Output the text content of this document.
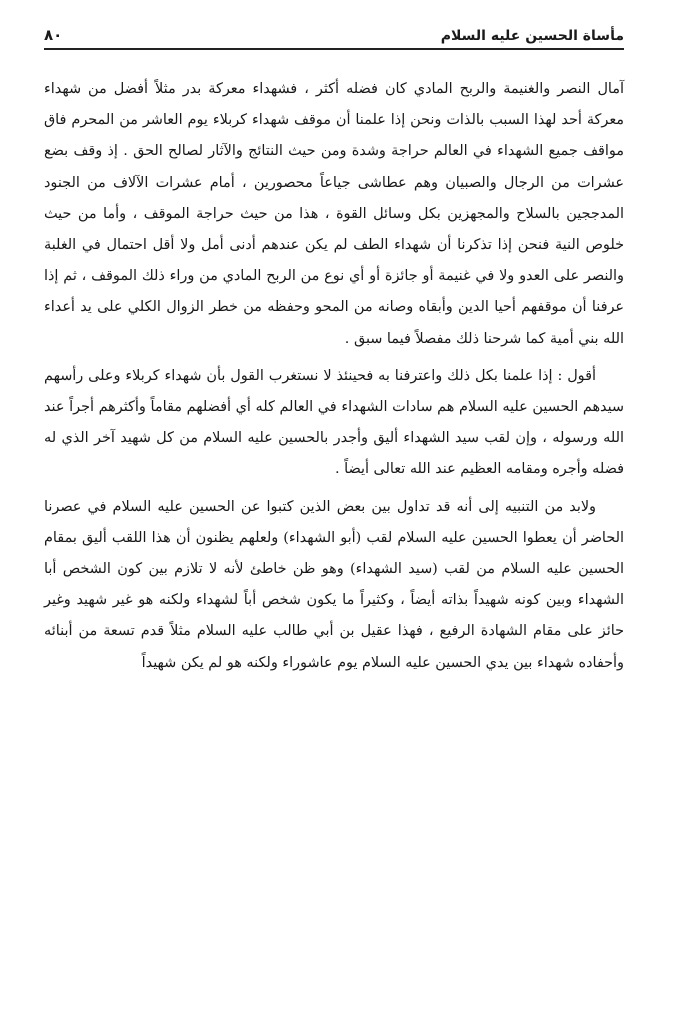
مأساة الحسين عليه السلام
٨٠

آمال النصر والغنيمة والربح المادي كان فضله أكثر ، فشهداء معركة بدر مثلاً أفضل من شهداء معركة أحد لهذا السبب بالذات ونحن إذا علمنا أن موقف شهداء كربلاء يوم العاشر من المحرم فاق مواقف جميع الشهداء في العالم حراجة وشدة ومن حيث النتائج والآثار لصالح الحق . إذ وقف بضع عشرات من الرجال والصبيان وهم عطاشى جياعاً محصورين ، أمام عشرات الآلاف من الجنود المدججين بالسلاح والمجهزين بكل وسائل القوة ، هذا من حيث حراجة الموقف ، وأما من حيث خلوص النية فنحن إذا تذكرنا أن شهداء الطف لم يكن عندهم أدنى أمل ولا أقل احتمال في الغلبة والنصر على العدو ولا في غنيمة أو جائزة أو أي نوع من الربح المادي من وراء ذلك الموقف ، ثم إذا عرفنا أن موقفهم أحيا الدين وأبقاه وصانه من المحو وحفظه من خطر الزوال الكلي على يد أعداء الله بني أمية كما شرحنا ذلك مفصلاً فيما سبق .

أقول : إذا علمنا بكل ذلك واعترفنا به فحينئذ لا نستغرب القول بأن شهداء كربلاء وعلى رأسهم سيدهم الحسين عليه السلام هم سادات الشهداء في العالم كله أي أفضلهم مقاماً وأكثرهم أجراً عند الله ورسوله ، وإن لقب سيد الشهداء أليق وأجدر بالحسين عليه السلام من كل شهيد آخر الذي له فضله وأجره ومقامه العظيم عند الله تعالى أيضاً .

ولابد من التنبيه إلى أنه قد تداول بين بعض الذين كتبوا عن الحسين عليه السلام في عصرنا الحاضر أن يعطوا الحسين عليه السلام لقب (أبو الشهداء) ولعلهم يظنون أن هذا اللقب أليق بمقام الحسين عليه السلام من لقب (سيد الشهداء) وهو ظن خاطئ لأنه لا تلازم بين كون الشخص أبا الشهداء وبين كونه شهيداً بذاته أيضاً ، وكثيراً ما يكون شخص أباً لشهداء ولكنه هو غير شهيد وغير حائز على مقام الشهادة الرفيع ، فهذا عقيل بن أبي طالب عليه السلام مثلاً قدم تسعة من أبنائه وأحفاده شهداء بين يدي الحسين عليه السلام يوم عاشوراء ولكنه هو لم يكن شهيداً
